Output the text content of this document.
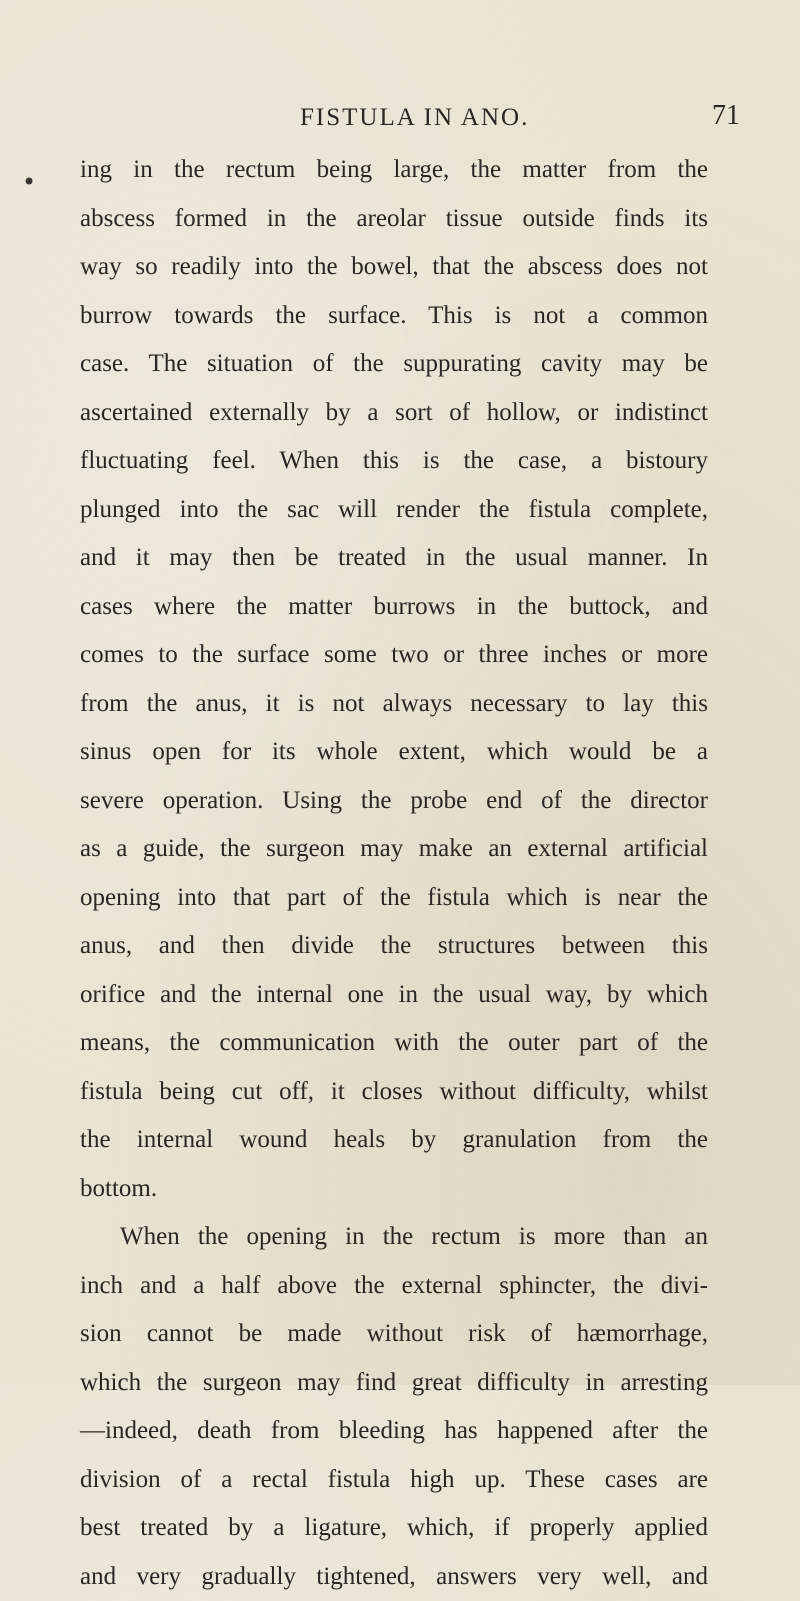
FISTULA IN ANO.	71
• ing in the rectum being large, the matter from the
abscess formed in the areolar tissue outside finds its
way so readily into the bowel, that the abscess does not
burrow towards the surface. This is not a common
case. The situation of the suppurating cavity may be
ascertained externally by a sort of hollow, or indistinct
fluctuating feel. When this is the case, a bistoury
plunged into the sac will render the fistula complete,
and it may then be treated in the usual manner. In
cases where the matter burrows in the buttock, and
comes to the surface some two or three inches or more
from the anus, it is not always necessary to lay this
sinus open for its whole extent, which would be a
severe operation. Using the probe end of the director
as a guide, the surgeon may make an external artificial
opening into that part of the fistula which is near the
anus, and then divide the structures between this
orifice and the internal one in the usual way, by which
means, the communication with the outer part of the
fistula being cut off, it closes without difficulty, whilst
the internal wound heals by granulation from the
bottom.
When the opening in the rectum is more than an
inch and a half above the external sphincter, the divi-
sion cannot be made without risk of hæmorrhage,
which the surgeon may find great difficulty in arresting
—indeed, death from bleeding has happened after the
division of a rectal fistula high up. These cases are
best treated by a ligature, which, if properly applied
and very gradually tightened, answers very well, and
